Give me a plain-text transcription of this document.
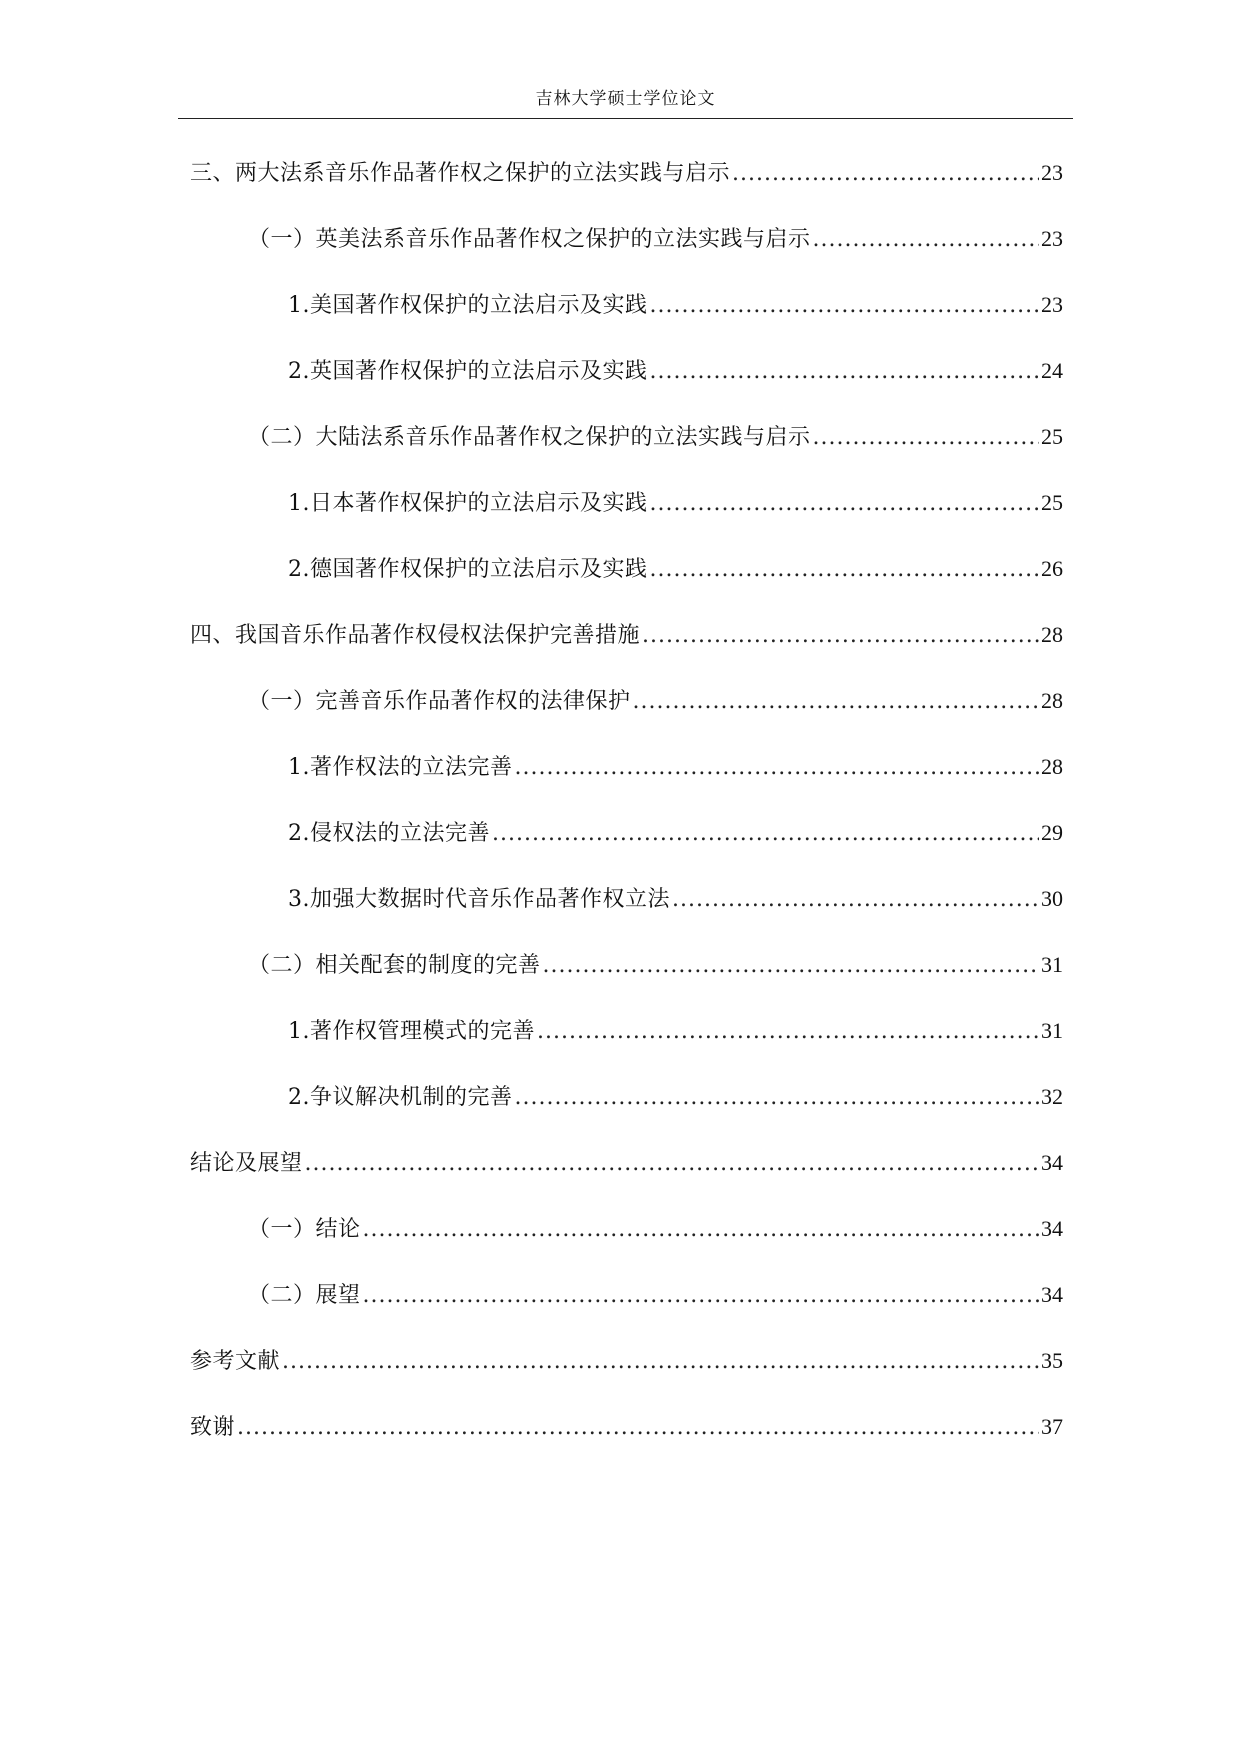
吉林大学硕士学位论文
三、两大法系音乐作品著作权之保护的立法实践与启示 .....	23
（一）英美法系音乐作品著作权之保护的立法实践与启示 .....	23
1.美国著作权保护的立法启示及实践 .....	23
2.英国著作权保护的立法启示及实践 .....	24
（二）大陆法系音乐作品著作权之保护的立法实践与启示 .....	25
1.日本著作权保护的立法启示及实践 .....	25
2.德国著作权保护的立法启示及实践 .....	26
四、我国音乐作品著作权侵权法保护完善措施 .....	28
（一）完善音乐作品著作权的法律保护 .....	28
1.著作权法的立法完善 .....	28
2.侵权法的立法完善 .....	29
3.加强大数据时代音乐作品著作权立法 .....	30
（二）相关配套的制度的完善 .....	31
1.著作权管理模式的完善 .....	31
2.争议解决机制的完善 .....	32
结论及展望 .....	34
（一）结论 .....	34
（二）展望 .....	34
参考文献 .....	35
致谢 .....	37
